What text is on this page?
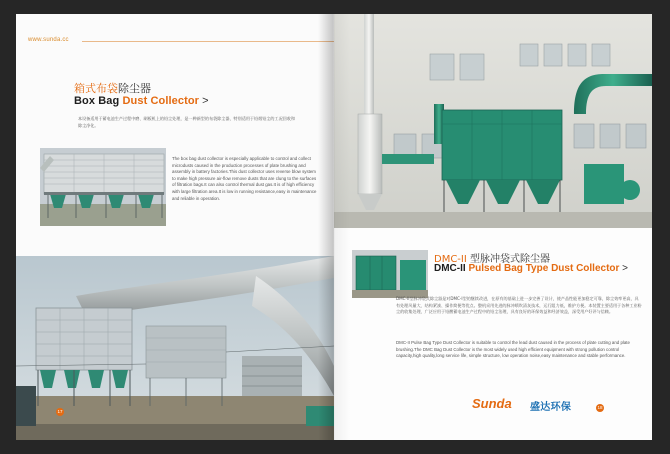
www.sunda.cc
箱式布袋除尘器
Box Bag Dust Collector >
本设备适用于蓄电池生产过程中磨、刷板机上的铅尘处理，是一种新型的布袋除尘器，特别适用于铅烟铅尘的工况回收和除尘净化。
The box bag dust collector is especially applicable to control and collect microdusts caused in the production processes of plate brushing and assembly in battery factories.This dust collector uses reverse blow system to make high pressure air-flow remove dusts that are clung to the surfaces of filtration bags.It can also control thermal dust gas.It is of high efficiency with large filtration area.It is low in running resistance,easy in maintenance and reliable in operation.
17
DMC-II 型脉冲袋式除尘器
DMC-II Pulsed Bag Type Dust Collector >
DMC-II型脉冲袋式除尘器是对DMC-I型的继续改进，在原有的基础上进一步完善了设计，使产品性能更加稳定可靠，除尘效率更高，具有处理风量大、结构紧凑、操作简便等优点。整机采用先进的脉冲喷吹清灰技术，运行阻力低，维护方便。本装置主要适用于各种工业粉尘的收集处理，广泛应用于铅酸蓄电池生产过程中的铅尘治理，具有良好的环保效益和经济效益，深受用户好评与信赖。
DMC-II Pulse Bag Type Dust Collector is suitable to control the lead dust caused in the process of plate cutting and plate brushing.The DMC Bag Dust Collector is the most widely used high efficient equipment with strong pollution control capacity,high quality,long service life, simple structure, low operation noise,easy maintenance and stable performance.
Sunda 盛达环保	18
